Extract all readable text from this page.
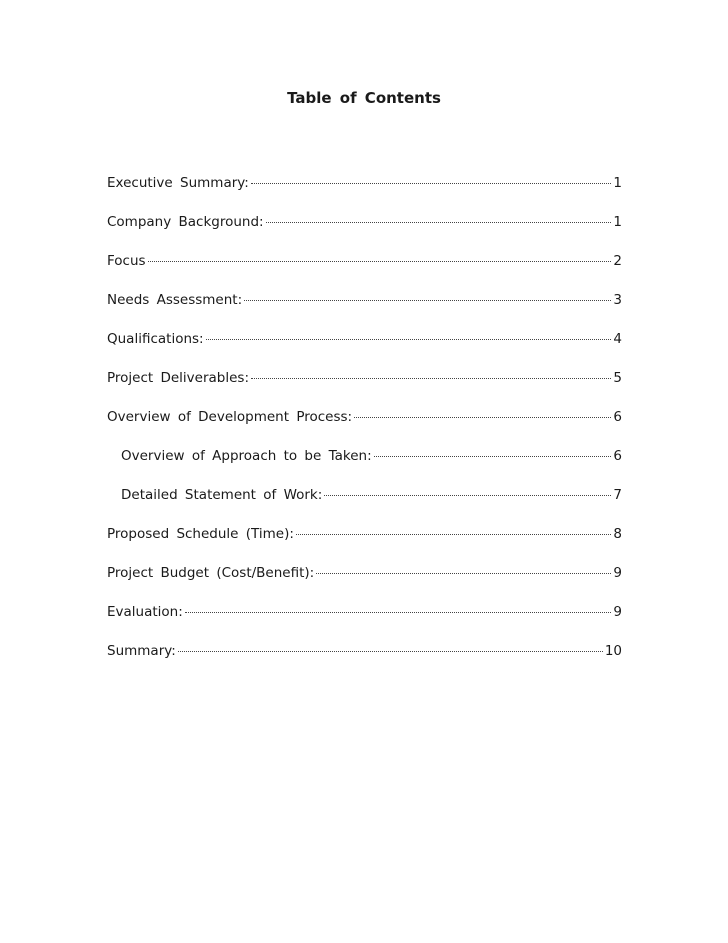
Table of Contents
Executive Summary:	1
Company Background:	1
Focus	2
Needs Assessment:	3
Qualifications:	4
Project Deliverables:	5
Overview of Development Process:	6
Overview of Approach to be Taken:	6
Detailed Statement of Work:	7
Proposed Schedule (Time):	8
Project Budget (Cost/Benefit):	9
Evaluation:	9
Summary:	10
